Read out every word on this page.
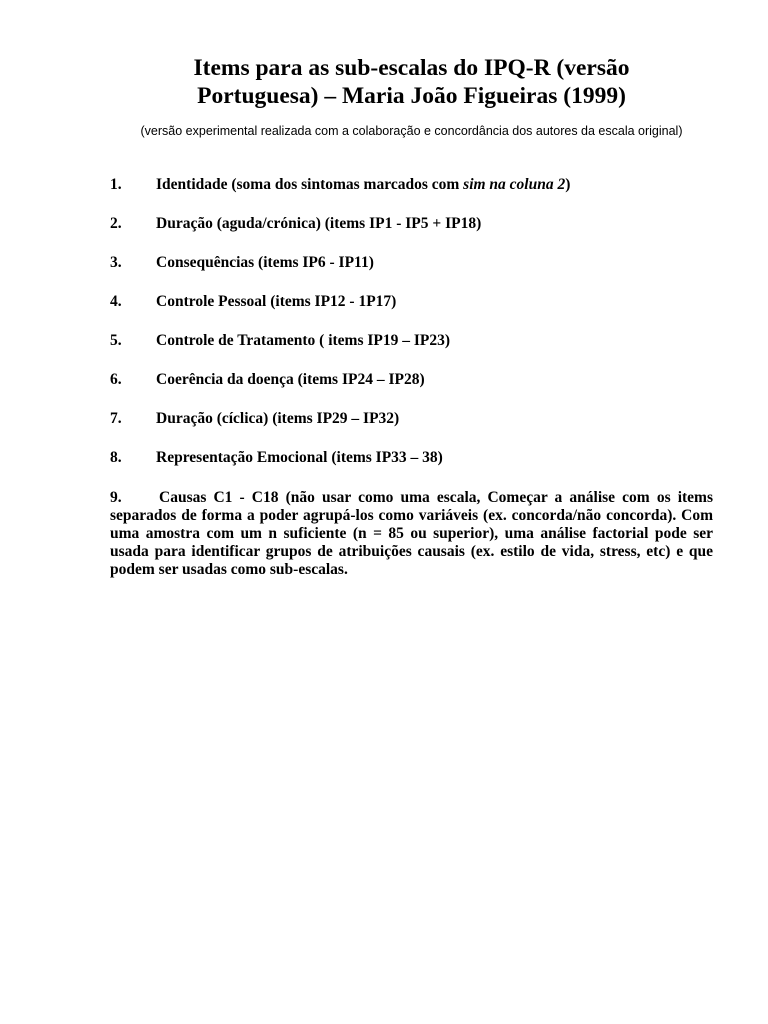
Items para as sub-escalas do IPQ-R (versão
Portuguesa) – Maria João Figueiras (1999)

(versão experimental realizada com a colaboração e concordância dos autores da escala original)

1. Identidade (soma dos sintomas marcados com sim na coluna 2)
2. Duração (aguda/crónica) (items IP1 - IP5 + IP18)
3. Consequências (items IP6 - IP11)
4. Controle Pessoal (items IP12 - 1P17)
5. Controle de Tratamento ( items IP19 – IP23)
6. Coerência da doença (items IP24 – IP28)
7. Duração (cíclica) (items IP29 – IP32)
8. Representação Emocional (items IP33 – 38)

9. Causas C1 - C18 (não usar como uma escala, Começar a análise com os items separados de forma a poder agrupá-los como variáveis (ex. concorda/não concorda). Com uma amostra com um n suficiente (n = 85 ou superior), uma análise factorial pode ser usada para identificar grupos de atribuições causais (ex. estilo de vida, stress, etc) e que podem ser usadas como sub-escalas.
